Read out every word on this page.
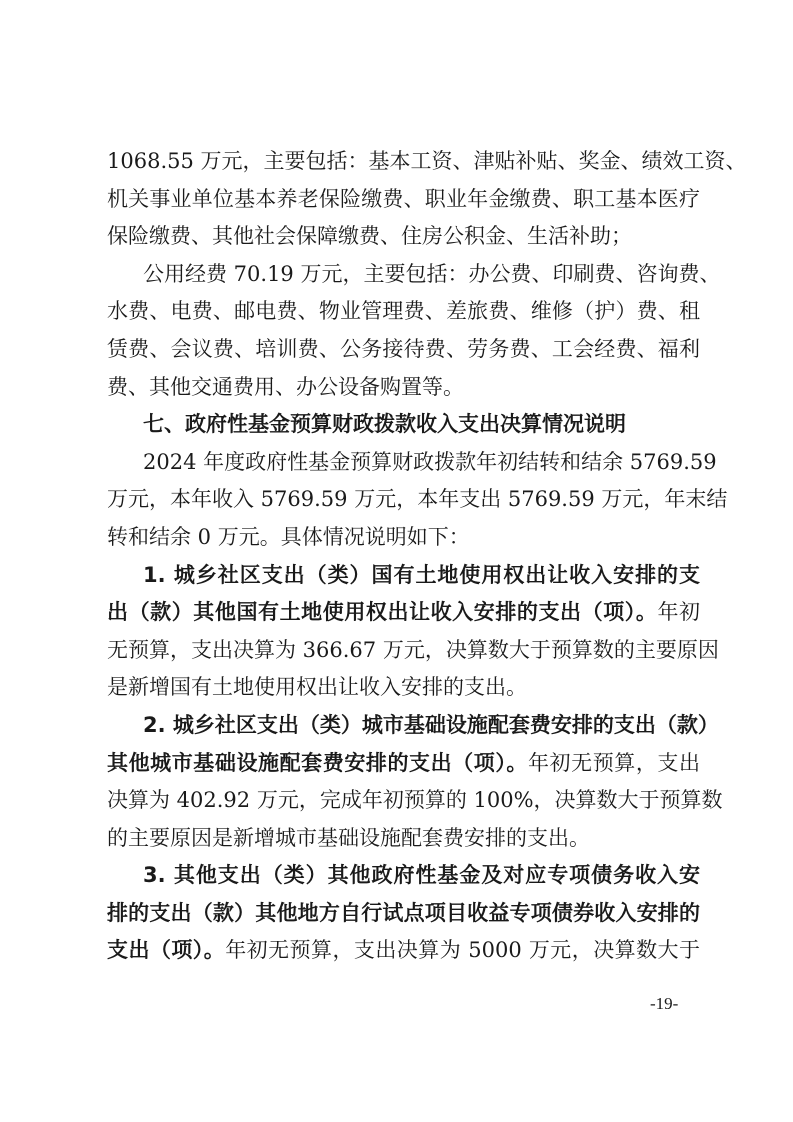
1068.55 万元，主要包括：基本工资、津贴补贴、奖金、绩效工资、
机关事业单位基本养老保险缴费、职业年金缴费、职工基本医疗
保险缴费、其他社会保障缴费、住房公积金、生活补助；
公用经费 70.19 万元，主要包括：办公费、印刷费、咨询费、
水费、电费、邮电费、物业管理费、差旅费、维修（护）费、租
赁费、会议费、培训费、公务接待费、劳务费、工会经费、福利
费、其他交通费用、办公设备购置等。
七、政府性基金预算财政拨款收入支出决算情况说明
2024 年度政府性基金预算财政拨款年初结转和结余 5769.59
万元，本年收入 5769.59 万元，本年支出 5769.59 万元，年末结
转和结余 0 万元。具体情况说明如下：
1. 城乡社区支出（类）国有土地使用权出让收入安排的支
出（款）其他国有土地使用权出让收入安排的支出（项）。年初
无预算，支出决算为 366.67 万元，决算数大于预算数的主要原因
是新增国有土地使用权出让收入安排的支出。
2. 城乡社区支出（类）城市基础设施配套费安排的支出（款）
其他城市基础设施配套费安排的支出（项）。年初无预算，支出
决算为 402.92 万元，完成年初预算的 100%，决算数大于预算数
的主要原因是新增城市基础设施配套费安排的支出。
3. 其他支出（类）其他政府性基金及对应专项债务收入安
排的支出（款）其他地方自行试点项目收益专项债券收入安排的
支出（项）。年初无预算，支出决算为 5000 万元，决算数大于
-19-
